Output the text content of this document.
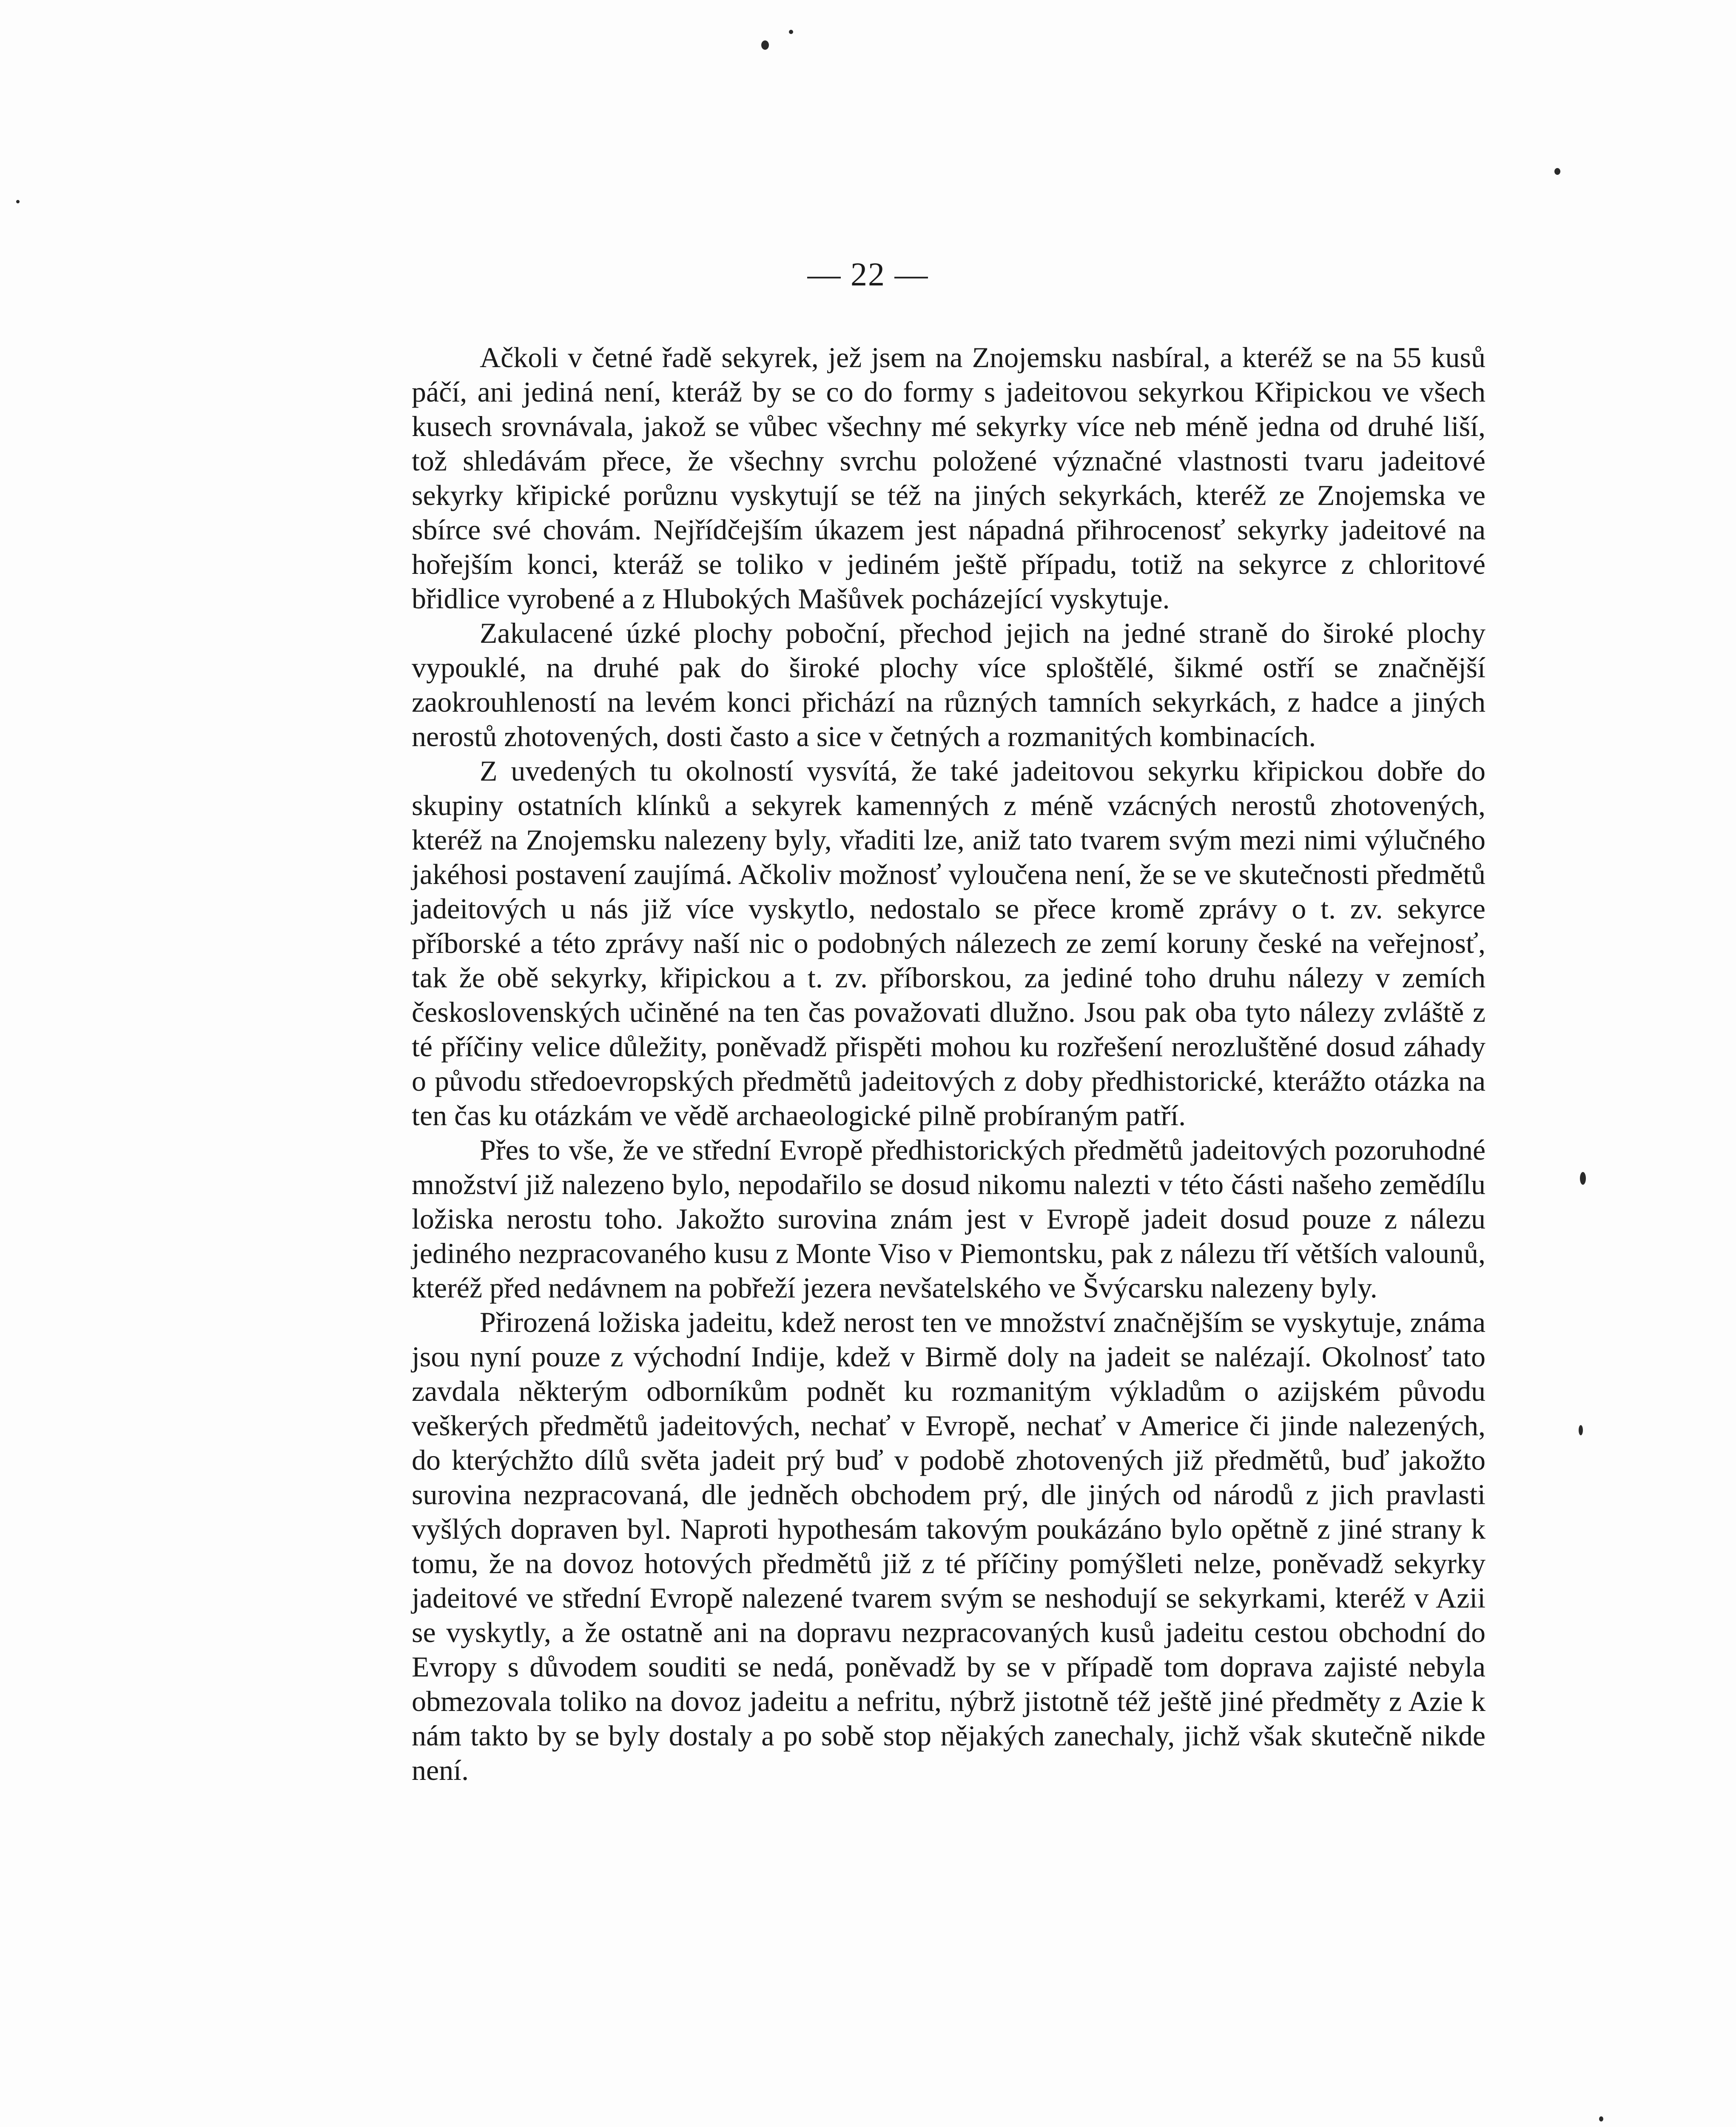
— 22 —

Ačkoli v četné řadě sekyrek, jež jsem na Znojemsku nasbíral, a kteréž se na 55 kusů páčí, ani jediná není, kteráž by se co do formy s jadeitovou sekyrkou Křipickou ve všech kusech srovnávala, jakož se vůbec všechny mé sekyrky více neb méně jedna od druhé liší, tož shledávám přece, že všechny svrchu položené význačné vlastnosti tvaru jadeitové sekyrky křipické porůznu vyskytují se též na jiných sekyrkách, kteréž ze Znojemska ve sbírce své chovám. Nejřídčejším úkazem jest nápadná přihrocenosť sekyrky jadeitové na hořejším konci, kteráž se toliko v jediném ještě případu, totiž na sekyrce z chloritové břidlice vyrobené a z Hlubokých Mašůvek pocházející vyskytuje.

Zakulacené úzké plochy poboční, přechod jejich na jedné straně do široké plochy vypouklé, na druhé pak do široké plochy více sploštělé, šikmé ostří se značnější zaokrouhleností na levém konci přichází na různých tamních sekyrkách, z hadce a jiných nerostů zhotovených, dosti často a sice v četných a rozmanitých kombinacích.

Z uvedených tu okolností vysvítá, že také jadeitovou sekyrku křipickou dobře do skupiny ostatních klínků a sekyrek kamenných z méně vzácných nerostů zhotovených, kteréž na Znojemsku nalezeny byly, vřaditi lze, aniž tato tvarem svým mezi nimi výlučného jakéhosi postavení zaujímá. Ačkoliv možnosť vyloučena není, že se ve skutečnosti předmětů jadeitových u nás již více vyskytlo, nedostalo se přece kromě zprávy o t. zv. sekyrce příborské a této zprávy naší nic o podobných nálezech ze zemí koruny české na veřejnosť, tak že obě sekyrky, křipickou a t. zv. příborskou, za jediné toho druhu nálezy v zemích československých učiněné na ten čas považovati dlužno. Jsou pak oba tyto nálezy zvláště z té příčiny velice důležity, poněvadž přispěti mohou ku rozřešení nerozluštěné dosud záhady o původu středoevropských předmětů jadeitových z doby předhistorické, kterážto otázka na ten čas ku otázkám ve vědě archaeologické pilně probíraným patří.

Přes to vše, že ve střední Evropě předhistorických předmětů jadeitových pozoruhodné množství již nalezeno bylo, nepodařilo se dosud nikomu nalezti v této části našeho zemědílu ložiska nerostu toho. Jakožto surovina znám jest v Evropě jadeit dosud pouze z nálezu jediného nezpracovaného kusu z Monte Viso v Piemontsku, pak z nálezu tří větších valounů, kteréž před nedávnem na pobřeží jezera nevšatelského ve Švýcarsku nalezeny byly.

Přirozená ložiska jadeitu, kdež nerost ten ve množství značnějším se vyskytuje, známa jsou nyní pouze z východní Indije, kdež v Birmě doly na jadeit se nalézají. Okolnosť tato zavdala některým odborníkům podnět ku rozmanitým výkladům o azijském původu veškerých předmětů jadeitových, nechať v Evropě, nechať v Americe či jinde nalezených, do kterýchžto dílů světa jadeit prý buď v podobě zhotovených již předmětů, buď jakožto surovina nezpracovaná, dle jedněch obchodem prý, dle jiných od národů z jich pravlasti vyšlých dopraven byl. Naproti hypothesám takovým poukázáno bylo opětně z jiné strany k tomu, že na dovoz hotových předmětů již z té příčiny pomýšleti nelze, poněvadž sekyrky jadeitové ve střední Evropě nalezené tvarem svým se neshodují se sekyrkami, kteréž v Azii se vyskytly, a že ostatně ani na dopravu nezpracovaných kusů jadeitu cestou obchodní do Evropy s důvodem souditi se nedá, poněvadž by se v případě tom doprava zajisté nebyla obmezovala toliko na dovoz jadeitu a nefritu, nýbrž jistotně též ještě jiné předměty z Azie k nám takto by se byly dostaly a po sobě stop nějakých zanechaly, jichž však skutečně nikde není.
